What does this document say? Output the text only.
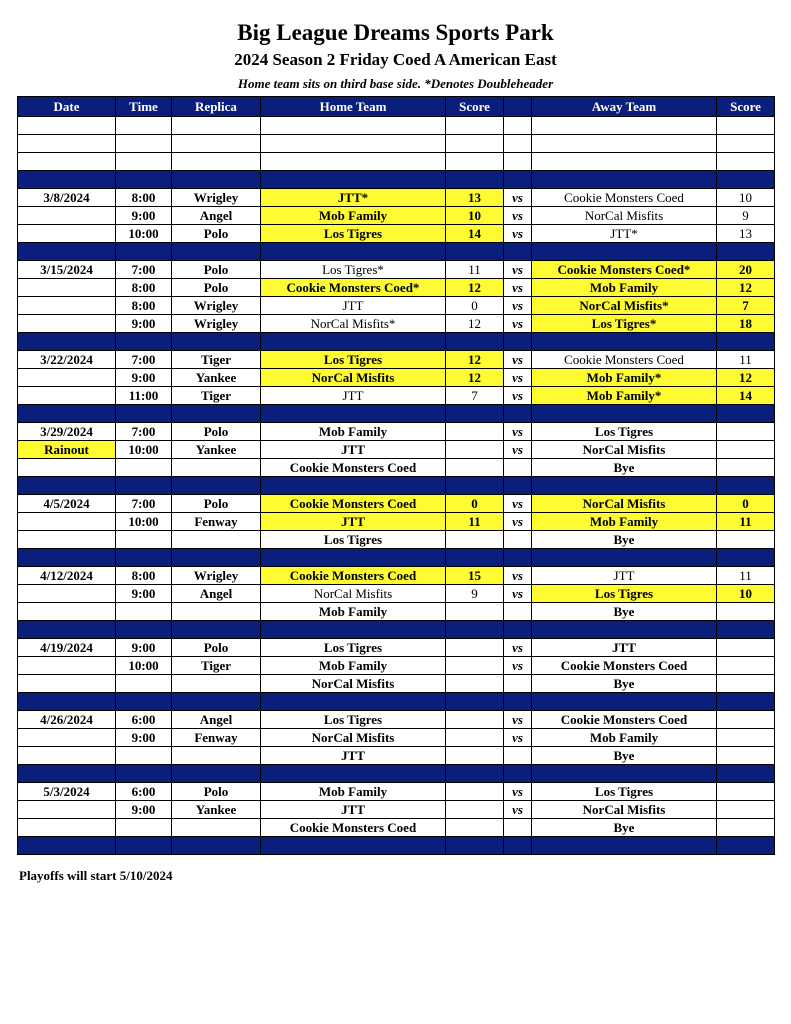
Big League Dreams Sports Park
2024 Season 2 Friday Coed A American East
Home team sits on third base side. *Denotes Doubleheader
Date	Time	Replica	Home Team	Score		Away Team	Score

3/8/2024	8:00	Wrigley	JTT*	13	vs	Cookie Monsters Coed	10
	9:00	Angel	Mob Family	10	vs	NorCal Misfits	9
	10:00	Polo	Los Tigres	14	vs	JTT*	13

3/15/2024	7:00	Polo	Los Tigres*	11	vs	Cookie Monsters Coed*	20
	8:00	Polo	Cookie Monsters Coed*	12	vs	Mob Family	12
	8:00	Wrigley	JTT	0	vs	NorCal Misfits*	7
	9:00	Wrigley	NorCal Misfits*	12	vs	Los Tigres*	18

3/22/2024	7:00	Tiger	Los Tigres	12	vs	Cookie Monsters Coed	11
	9:00	Yankee	NorCal Misfits	12	vs	Mob Family*	12
	11:00	Tiger	JTT	7	vs	Mob Family*	14

3/29/2024	7:00	Polo	Mob Family		vs	Los Tigres	
Rainout	10:00	Yankee	JTT		vs	NorCal Misfits	
			Cookie Monsters Coed			Bye	

4/5/2024	7:00	Polo	Cookie Monsters Coed	0	vs	NorCal Misfits	0
	10:00	Fenway	JTT	11	vs	Mob Family	11
			Los Tigres			Bye	

4/12/2024	8:00	Wrigley	Cookie Monsters Coed	15	vs	JTT	11
	9:00	Angel	NorCal Misfits	9	vs	Los Tigres	10
			Mob Family			Bye	

4/19/2024	9:00	Polo	Los Tigres		vs	JTT	
	10:00	Tiger	Mob Family		vs	Cookie Monsters Coed	
			NorCal Misfits			Bye	

4/26/2024	6:00	Angel	Los Tigres		vs	Cookie Monsters Coed	
	9:00	Fenway	NorCal Misfits		vs	Mob Family	
			JTT			Bye	

5/3/2024	6:00	Polo	Mob Family		vs	Los Tigres	
	9:00	Yankee	JTT		vs	NorCal Misfits	
			Cookie Monsters Coed			Bye	

Playoffs will start 5/10/2024
